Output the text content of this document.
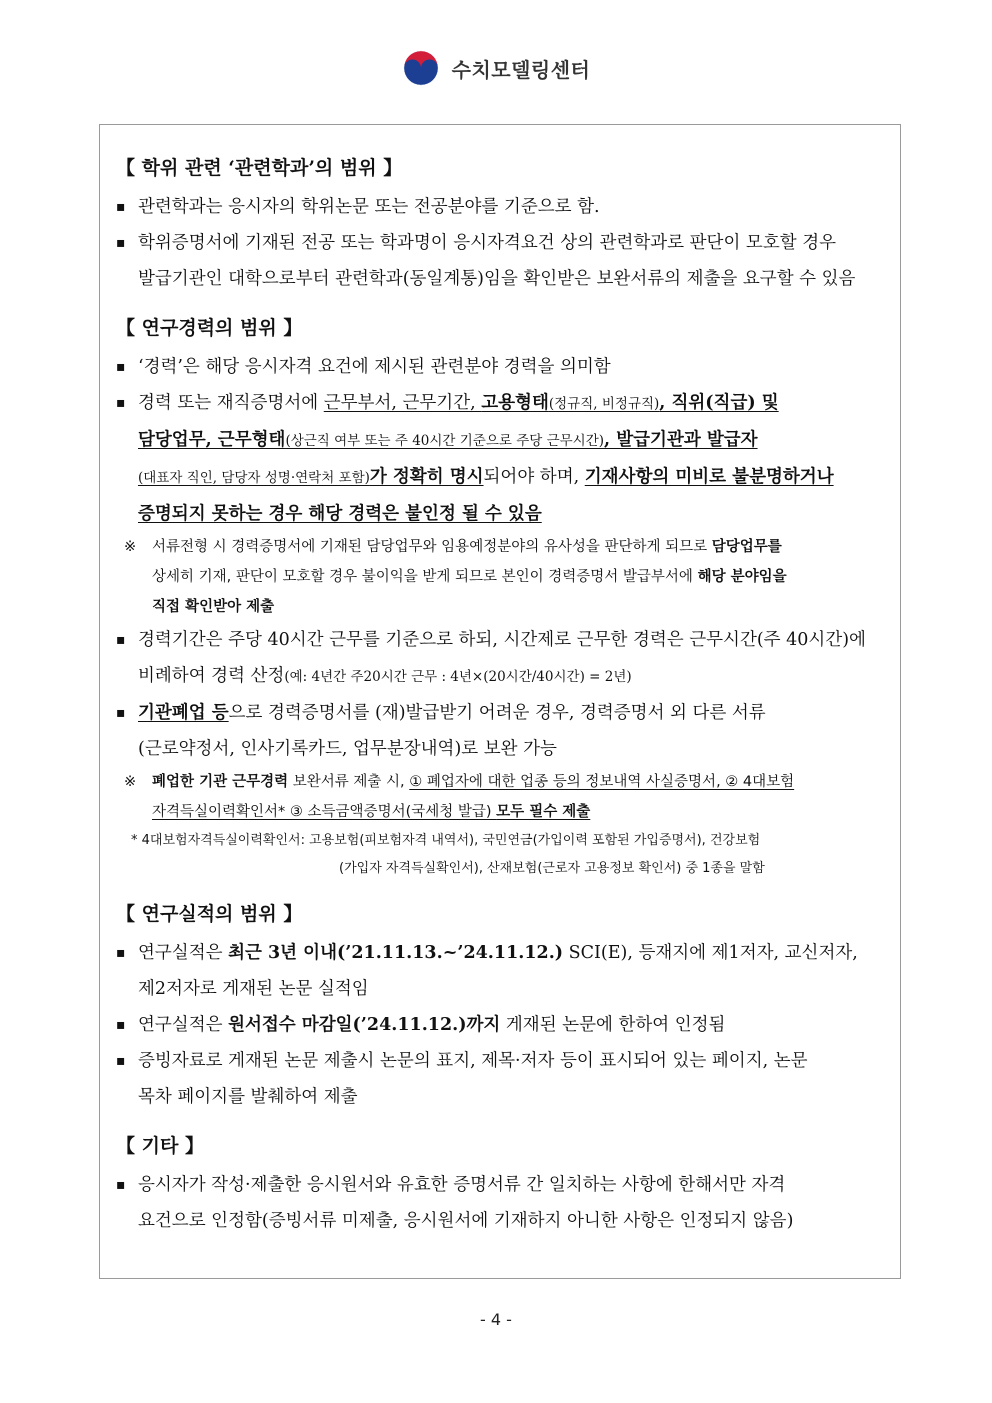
수치모델링센터
【 학위 관련 ‘관련학과’의 범위 】
▪ 관련학과는 응시자의 학위논문 또는 전공분야를 기준으로 함.
▪ 학위증명서에 기재된 전공 또는 학과명이 응시자격요건 상의 관련학과로 판단이 모호할 경우
발급기관인 대학으로부터 관련학과(동일계통)임을 확인받은 보완서류의 제출을 요구할 수 있음
【 연구경력의 범위 】
▪ ‘경력’은 해당 응시자격 요건에 제시된 관련분야 경력을 의미함
▪ 경력 또는 재직증명서에 근무부서, 근무기간, 고용형태(정규직, 비정규직), 직위(직급) 및
담당업무, 근무형태(상근직 여부 또는 주 40시간 기준으로 주당 근무시간), 발급기관과 발급자
(대표자 직인, 담당자 성명·연락처 포함)가 정확히 명시되어야 하며, 기재사항의 미비로 불분명하거나
증명되지 못하는 경우 해당 경력은 불인정 될 수 있음
※ 서류전형 시 경력증명서에 기재된 담당업무와 임용예정분야의 유사성을 판단하게 되므로 담당업무를
상세히 기재, 판단이 모호할 경우 불이익을 받게 되므로 본인이 경력증명서 발급부서에 해당 분야임을
직접 확인받아 제출
▪ 경력기간은 주당 40시간 근무를 기준으로 하되, 시간제로 근무한 경력은 근무시간(주 40시간)에
비례하여 경력 산정(예: 4년간 주20시간 근무 : 4년×(20시간/40시간) = 2년)
▪ 기관폐업 등으로 경력증명서를 (재)발급받기 어려운 경우, 경력증명서 외 다른 서류
(근로약정서, 인사기록카드, 업무분장내역)로 보완 가능
※ 폐업한 기관 근무경력 보완서류 제출 시, ① 폐업자에 대한 업종 등의 정보내역 사실증명서, ② 4대보험
자격득실이력확인서* ③ 소득금액증명서(국세청 발급) 모두 필수 제출
* 4대보험자격득실이력확인서: 고용보험(피보험자격 내역서), 국민연금(가입이력 포함된 가입증명서), 건강보험
(가입자 자격득실확인서), 산재보험(근로자 고용정보 확인서) 중 1종을 말함
【 연구실적의 범위 】
▪ 연구실적은 최근 3년 이내(’21.11.13.~’24.11.12.) SCI(E), 등재지에 제1저자, 교신저자,
제2저자로 게재된 논문 실적임
▪ 연구실적은 원서접수 마감일(’24.11.12.)까지 게재된 논문에 한하여 인정됨
▪ 증빙자료로 게재된 논문 제출시 논문의 표지, 제목·저자 등이 표시되어 있는 페이지, 논문
목차 페이지를 발췌하여 제출
【 기타 】
▪ 응시자가 작성·제출한 응시원서와 유효한 증명서류 간 일치하는 사항에 한해서만 자격
요건으로 인정함(증빙서류 미제출, 응시원서에 기재하지 아니한 사항은 인정되지 않음)
- 4 -
